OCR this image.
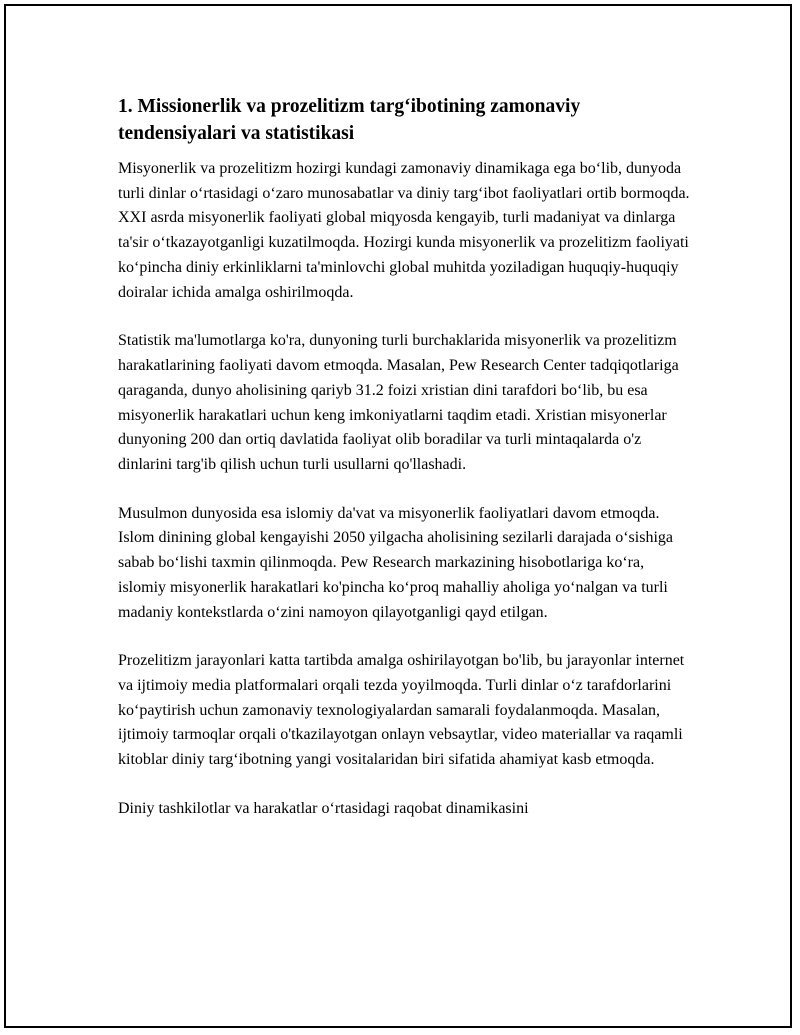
1. Missionerlik va prozelitizm targ‘ibotining zamonaviy tendensiyalari va statistikasi

Misyonerlik va prozelitizm hozirgi kundagi zamonaviy dinamikaga ega bo‘lib, dunyoda turli dinlar o‘rtasidagi o‘zaro munosabatlar va diniy targ‘ibot faoliyatlari ortib bormoqda. XXI asrda misyonerlik faoliyati global miqyosda kengayib, turli madaniyat va dinlarga ta'sir o‘tkazayotganligi kuzatilmoqda. Hozirgi kunda misyonerlik va prozelitizm faoliyati ko‘pincha diniy erkinliklarni ta'minlovchi global muhitda yoziladigan huquqiy-huquqiy doiralar ichida amalga oshirilmoqda.

Statistik ma'lumotlarga ko'ra, dunyoning turli burchaklarida misyonerlik va prozelitizm harakatlarining faoliyati davom etmoqda. Masalan, Pew Research Center tadqiqotlariga qaraganda, dunyo aholisining qariyb 31.2 foizi xristian dini tarafdori bo‘lib, bu esa misyonerlik harakatlari uchun keng imkoniyatlarni taqdim etadi. Xristian misyonerlar dunyoning 200 dan ortiq davlatida faoliyat olib boradilar va turli mintaqalarda o'z dinlarini targ'ib qilish uchun turli usullarni qo'llashadi.

Musulmon dunyosida esa islomiy da'vat va misyonerlik faoliyatlari davom etmoqda. Islom dinining global kengayishi 2050 yilgacha aholisining sezilarli darajada o‘sishiga sabab bo‘lishi taxmin qilinmoqda. Pew Research markazining hisobotlariga ko‘ra, islomiy misyonerlik harakatlari ko'pincha ko‘proq mahalliy aholiga yo‘nalgan va turli madaniy kontekstlarda o‘zini namoyon qilayotganligi qayd etilgan.

Prozelitizm jarayonlari katta tartibda amalga oshirilayotgan bo'lib, bu jarayonlar internet va ijtimoiy media platformalari orqali tezda yoyilmoqda. Turli dinlar o‘z tarafdorlarini ko‘paytirish uchun zamonaviy texnologiyalardan samarali foydalanmoqda. Masalan, ijtimoiy tarmoqlar orqali o'tkazilayotgan onlayn vebsaytlar, video materiallar va raqamli kitoblar diniy targ‘ibotning yangi vositalaridan biri sifatida ahamiyat kasb etmoqda.

Diniy tashkilotlar va harakatlar o‘rtasidagi raqobat dinamikasini
